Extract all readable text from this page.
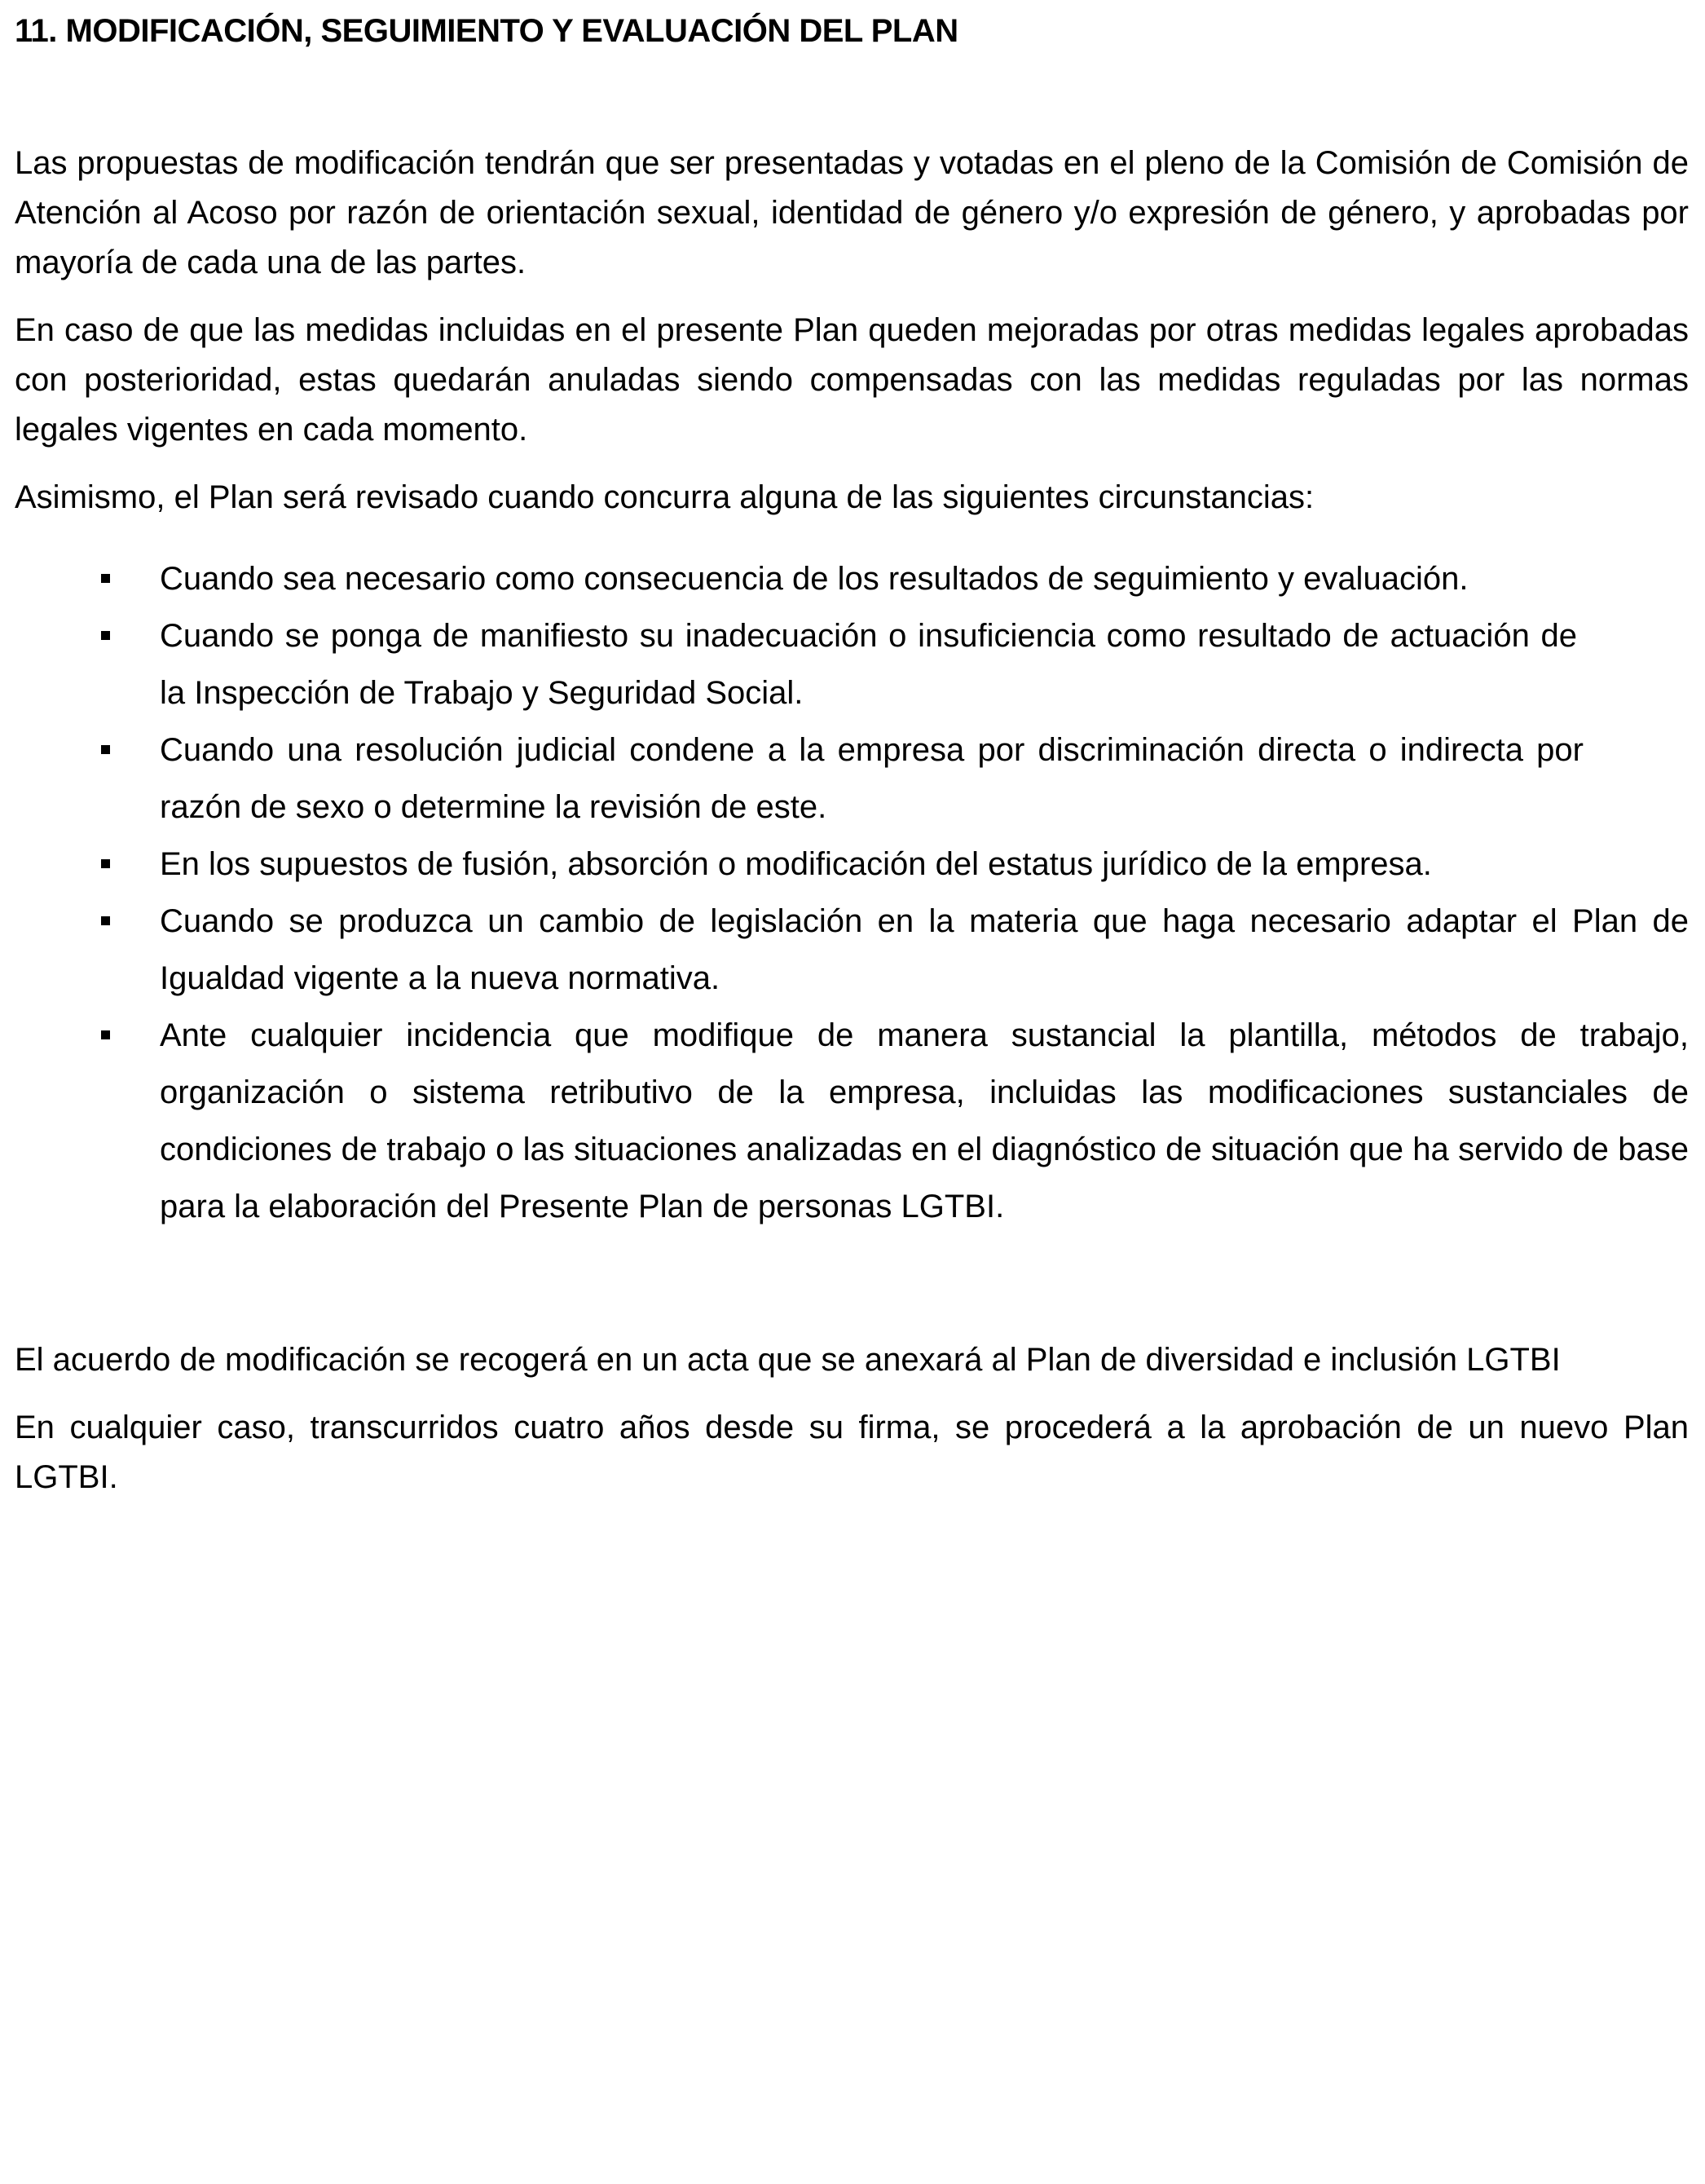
11. MODIFICACIÓN, SEGUIMIENTO Y EVALUACIÓN DEL PLAN

Las propuestas de modificación tendrán que ser presentadas y votadas en el pleno de la Comisión de Comisión de Atención al Acoso por razón de orientación sexual, identidad de género y/o expresión de género, y aprobadas por mayoría de cada una de las partes.

En caso de que las medidas incluidas en el presente Plan queden mejoradas por otras medidas legales aprobadas con posterioridad, estas quedarán anuladas siendo compensadas con las medidas reguladas por las normas legales vigentes en cada momento.

Asimismo, el Plan será revisado cuando concurra alguna de las siguientes circunstancias:

Cuando sea necesario como consecuencia de los resultados de seguimiento y evaluación.
Cuando se ponga de manifiesto su inadecuación o insuficiencia como resultado de actuación de la Inspección de Trabajo y Seguridad Social.
Cuando una resolución judicial condene a la empresa por discriminación directa o indirecta por razón de sexo o determine la revisión de este.
En los supuestos de fusión, absorción o modificación del estatus jurídico de la empresa.
Cuando se produzca un cambio de legislación en la materia que haga necesario adaptar el Plan de Igualdad vigente a la nueva normativa.
Ante cualquier incidencia que modifique de manera sustancial la plantilla, métodos de trabajo, organización o sistema retributivo de la empresa, incluidas las modificaciones sustanciales de condiciones de trabajo o las situaciones analizadas en el diagnóstico de situación que ha servido de base para la elaboración del Presente Plan de personas LGTBI.

El acuerdo de modificación se recogerá en un acta que se anexará al Plan de diversidad e inclusión LGTBI

En cualquier caso, transcurridos cuatro años desde su firma, se procederá a la aprobación de un nuevo Plan LGTBI.
